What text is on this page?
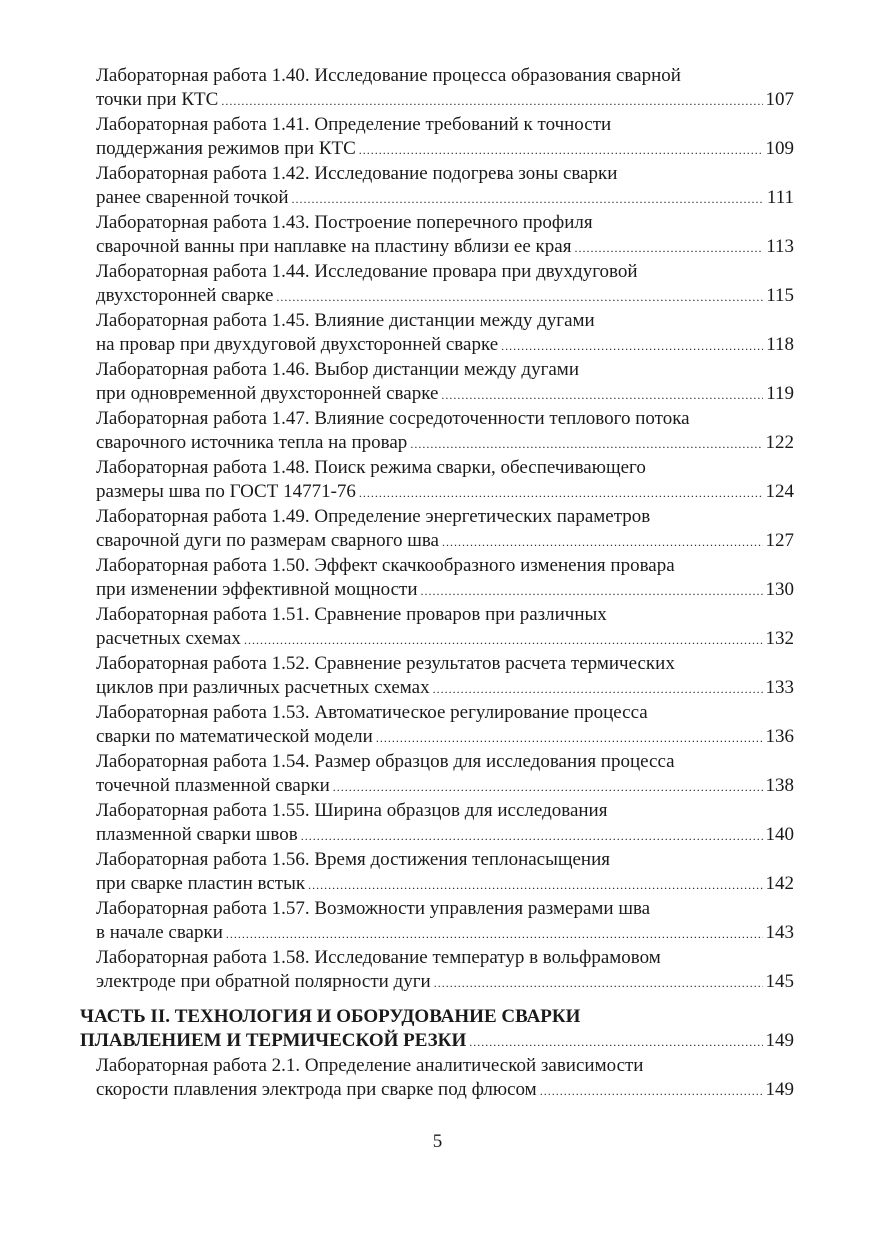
Лабораторная работа 1.40. Исследование процесса образования сварной
точки при КТС . . .	107
Лабораторная работа 1.41. Определение требований к точности
поддержания режимов при КТС . . .	109
Лабораторная работа 1.42. Исследование подогрева зоны сварки
ранее сваренной точкой . . .	111
Лабораторная работа 1.43. Построение поперечного профиля
сварочной ванны при наплавке на пластину вблизи ее края . . .	113
Лабораторная работа 1.44. Исследование провара при двухдуговой
двухсторонней сварке . . .	115
Лабораторная работа 1.45. Влияние дистанции между дугами
на провар при двухдуговой двухсторонней сварке . . .	118
Лабораторная работа 1.46. Выбор дистанции между дугами
при одновременной двухсторонней сварке . . .	119
Лабораторная работа 1.47. Влияние сосредоточенности теплового потока
сварочного источника тепла на провар . . .	122
Лабораторная работа 1.48. Поиск режима сварки, обеспечивающего
размеры шва по ГОСТ 14771-76 . . .	124
Лабораторная работа 1.49. Определение энергетических параметров
сварочной дуги по размерам сварного шва . . .	127
Лабораторная работа 1.50. Эффект скачкообразного изменения провара
при изменении эффективной мощности . . .	130
Лабораторная работа 1.51. Сравнение проваров при различных
расчетных схемах . . .	132
Лабораторная работа 1.52. Сравнение результатов расчета термических
циклов при различных расчетных схемах . . .	133
Лабораторная работа 1.53. Автоматическое регулирование процесса
сварки по математической модели . . .	136
Лабораторная работа 1.54. Размер образцов для исследования процесса
точечной плазменной сварки . . .	138
Лабораторная работа 1.55. Ширина образцов для исследования
плазменной сварки швов . . .	140
Лабораторная работа 1.56. Время достижения теплонасыщения
при сварке пластин встык . . .	142
Лабораторная работа 1.57. Возможности управления размерами шва
в начале сварки . . .	143
Лабораторная работа 1.58. Исследование температур в вольфрамовом
электроде при обратной полярности дуги . . .	145
ЧАСТЬ II. ТЕХНОЛОГИЯ И ОБОРУДОВАНИЕ СВАРКИ
ПЛАВЛЕНИЕМ И ТЕРМИЧЕСКОЙ РЕЗКИ . . .	149
Лабораторная работа 2.1. Определение аналитической зависимости
скорости плавления электрода при сварке под флюсом . . .	149
5
